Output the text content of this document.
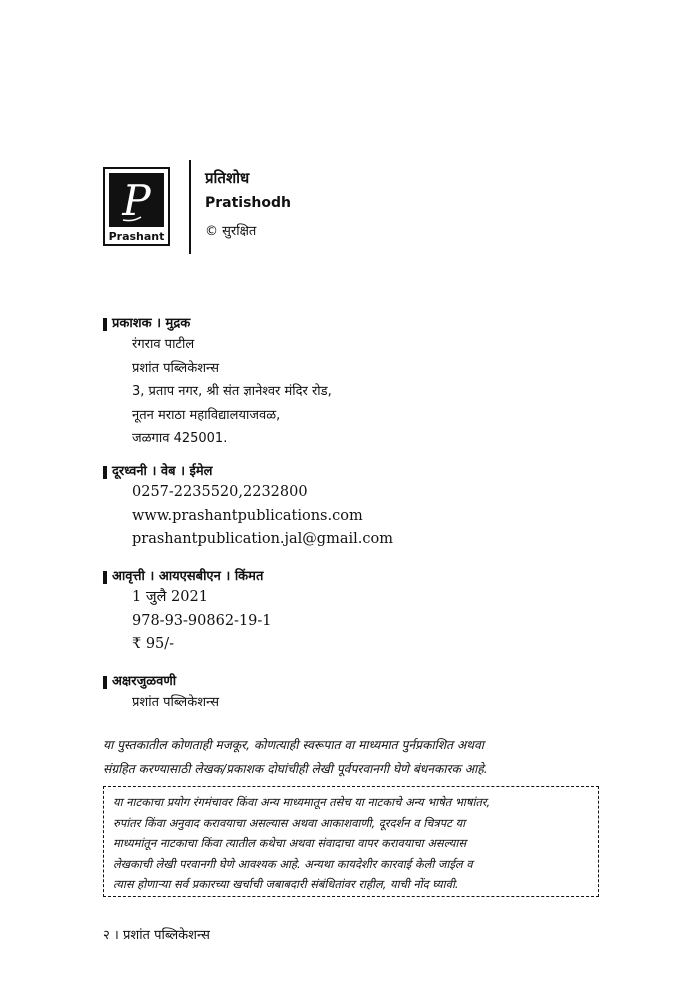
P
Prashant
प्रतिशोध
Pratishodh
© सुरक्षित
प्रकाशक । मुद्रक
रंगराव पाटील
प्रशांत पब्लिकेशन्स
3, प्रताप नगर, श्री संत ज्ञानेश्वर मंदिर रोड,
नूतन मराठा महाविद्यालयाजवळ,
जळगाव 425001.
दूरध्वनी । वेब । ईमेल
0257-2235520,2232800
www.prashantpublications.com
prashantpublication.jal@gmail.com
आवृत्ती । आयएसबीएन । किंमत
1 जुलै 2021
978-93-90862-19-1
₹ 95/-
अक्षरजुळवणी
प्रशांत पब्लिकेशन्स
या पुस्तकातील कोणताही मजकूर, कोणत्याही स्वरूपात वा माध्यमात पुर्नप्रकाशित अथवा
संग्रहित करण्यासाठी लेखक/प्रकाशक दोघांचीही लेखी पूर्वपरवानगी घेणे बंधनकारक आहे.
या नाटकाचा प्रयोग रंगमंचावर किंवा अन्य माध्यमातून तसेच या नाटकाचे अन्य भाषेत भाषांतर,
रुपांतर किंवा अनुवाद करावयाचा असल्यास अथवा आकाशवाणी, दूरदर्शन व चित्रपट या
माध्यमांतून नाटकाचा किंवा त्यातील कथेचा अथवा संवादाचा वापर करावयाचा असल्यास
लेखकाची लेखी परवानगी घेणे आवश्यक आहे. अन्यथा कायदेशीर कारवाई केली जाईल व
त्यास होणाऱ्या सर्व प्रकारच्या खर्चाची जबाबदारी संबंधितांवर राहील, याची नोंद घ्यावी.
२ । प्रशांत पब्लिकेशन्स
